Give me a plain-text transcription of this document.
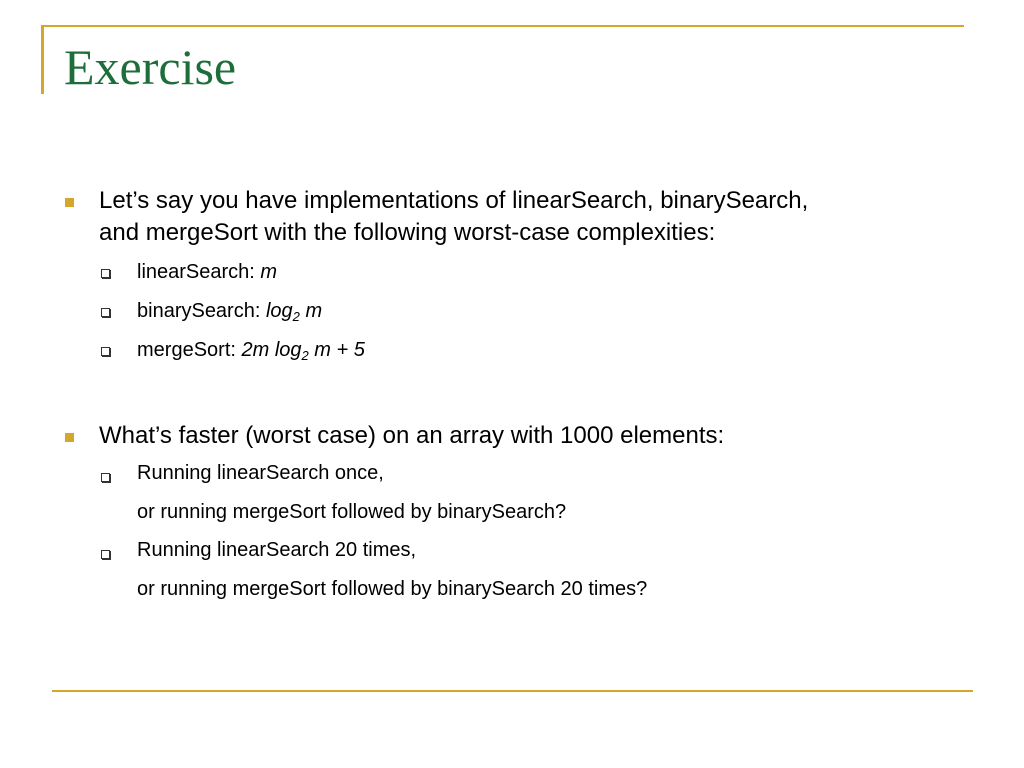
Exercise
Let’s say you have implementations of linearSearch, binarySearch,
and mergeSort with the following worst-case complexities:
linearSearch: m
binarySearch: $\log_2 m$
mergeSort: 2m $\log_2 m + 5$
What’s faster (worst case) on an array with 1000 elements:
Running linearSearch once,
or running mergeSort followed by binarySearch?
Running linearSearch 20 times,
or running mergeSort followed by binarySearch 20 times?
